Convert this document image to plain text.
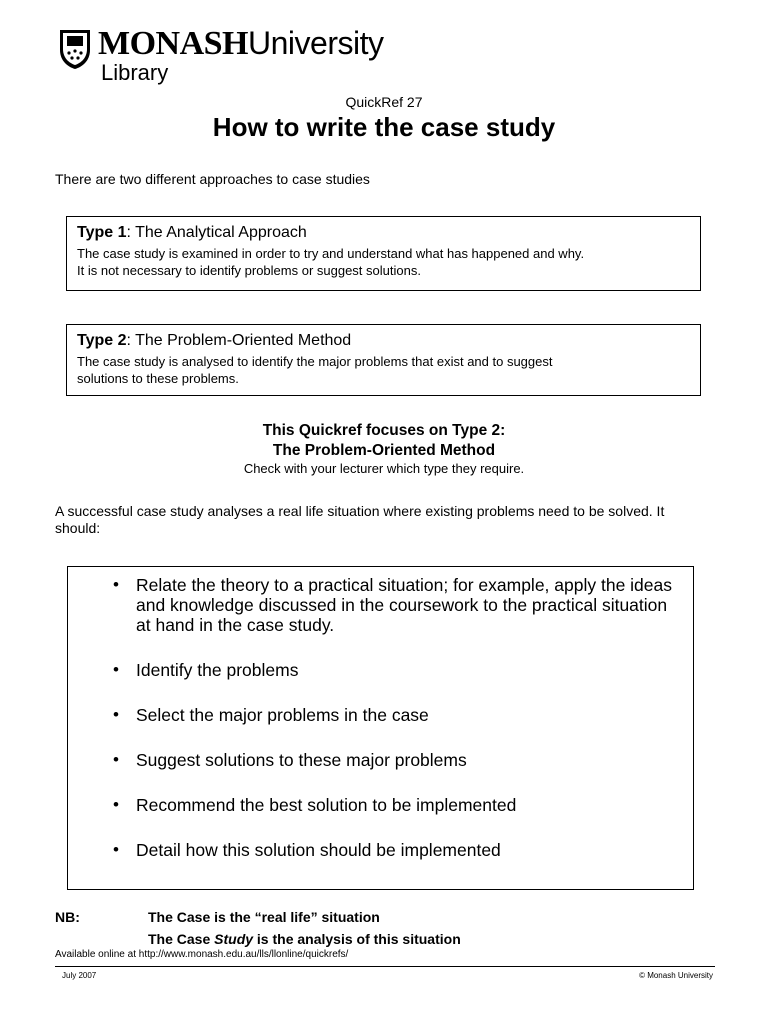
MONASHUniversity
Library
QuickRef 27
How to write the case study
There are two different approaches to case studies

Type 1: The Analytical Approach

The case study is examined in order to try and understand what has happened and why.
It is not necessary to identify problems or suggest solutions.

Type 2: The Problem-Oriented Method

The case study is analysed to identify the major problems that exist and to suggest
solutions to these problems.

This Quickref focuses on Type 2:
The Problem-Oriented Method
Check with your lecturer which type they require.
A successful case study analyses a real life situation where existing problems need to be solved. It should:
• Relate the theory to a practical situation; for example, apply the ideas and knowledge discussed in the coursework to the practical situation at hand in the case study.
• Identify the problems
• Select the major problems in the case
• Suggest solutions to these major problems
• Recommend the best solution to be implemented
• Detail how this solution should be implemented
NB:	The Case is the “real life” situation
The Case Study is the analysis of this situation
Available online at http://www.monash.edu.au/lls/llonline/quickrefs/
July 2007	© Monash University
